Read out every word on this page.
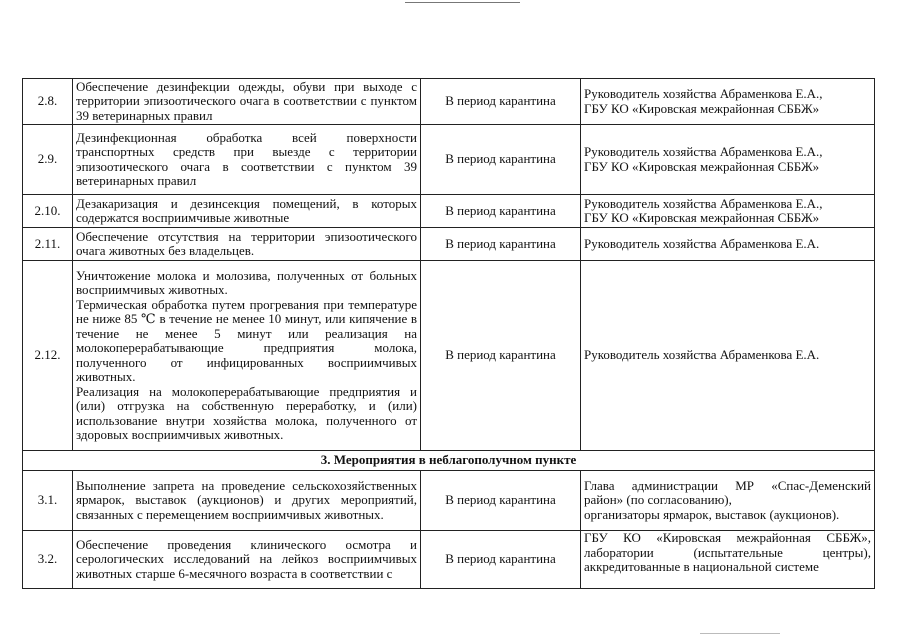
2.8.	Обеспечение дезинфекции одежды, обуви при выходе с территории эпизоотического очага в соответствии с пунктом 39 ветеринарных правил	В период карантина	Руководитель хозяйства Абраменкова Е.А.,
ГБУ КО «Кировская межрайонная СББЖ»

2.9.	Дезинфекционная обработка всей поверхности транспортных средств при выезде с территории эпизоотического очага в соответствии с пунктом 39 ветеринарных правил	В период карантина	Руководитель хозяйства Абраменкова Е.А.,
ГБУ КО «Кировская межрайонная СББЖ»

2.10.	Дезакаризация и дезинсекция помещений, в которых содержатся восприимчивые животные	В период карантина	Руководитель хозяйства Абраменкова Е.А.,
ГБУ КО «Кировская межрайонная СББЖ»

2.11.	Обеспечение отсутствия на территории эпизоотического очага животных без владельцев.	В период карантина	Руководитель хозяйства Абраменкова Е.А.

2.12.	Уничтожение молока и молозива, полученных от больных восприимчивых животных.

Термическая обработка путем прогревания при температуре не ниже 85 ℃ в течение не менее 10 минут, или кипячение в течение не менее 5 минут или реализация на молокоперерабатывающие предприятия молока, полученного от инфицированных восприимчивых животных.

Реализация на молокоперерабатывающие предприятия и (или) отгрузка на собственную переработку, и (или) использование внутри хозяйства молока, полученного от здоровых восприимчивых животных.	В период карантина	Руководитель хозяйства Абраменкова Е.А.

3. Мероприятия в неблагополучном пункте			
3.1.	Выполнение запрета на проведение сельскохозяйственных ярмарок, выставок (аукционов) и других мероприятий, связанных с перемещением восприимчивых животных.	В период карантина	Глава администрации МР «Спас-Деменский район» (по согласованию),
организаторы ярмарок, выставок (аукционов).

3.2.	Обеспечение проведения клинического осмотра и серологических исследований на лейкоз восприимчивых животных старше 6-месячного возраста в соответствии с	В период карантина	ГБУ КО «Кировская межрайонная СББЖ», лаборатории (испытательные центры), аккредитованные в национальной системе
